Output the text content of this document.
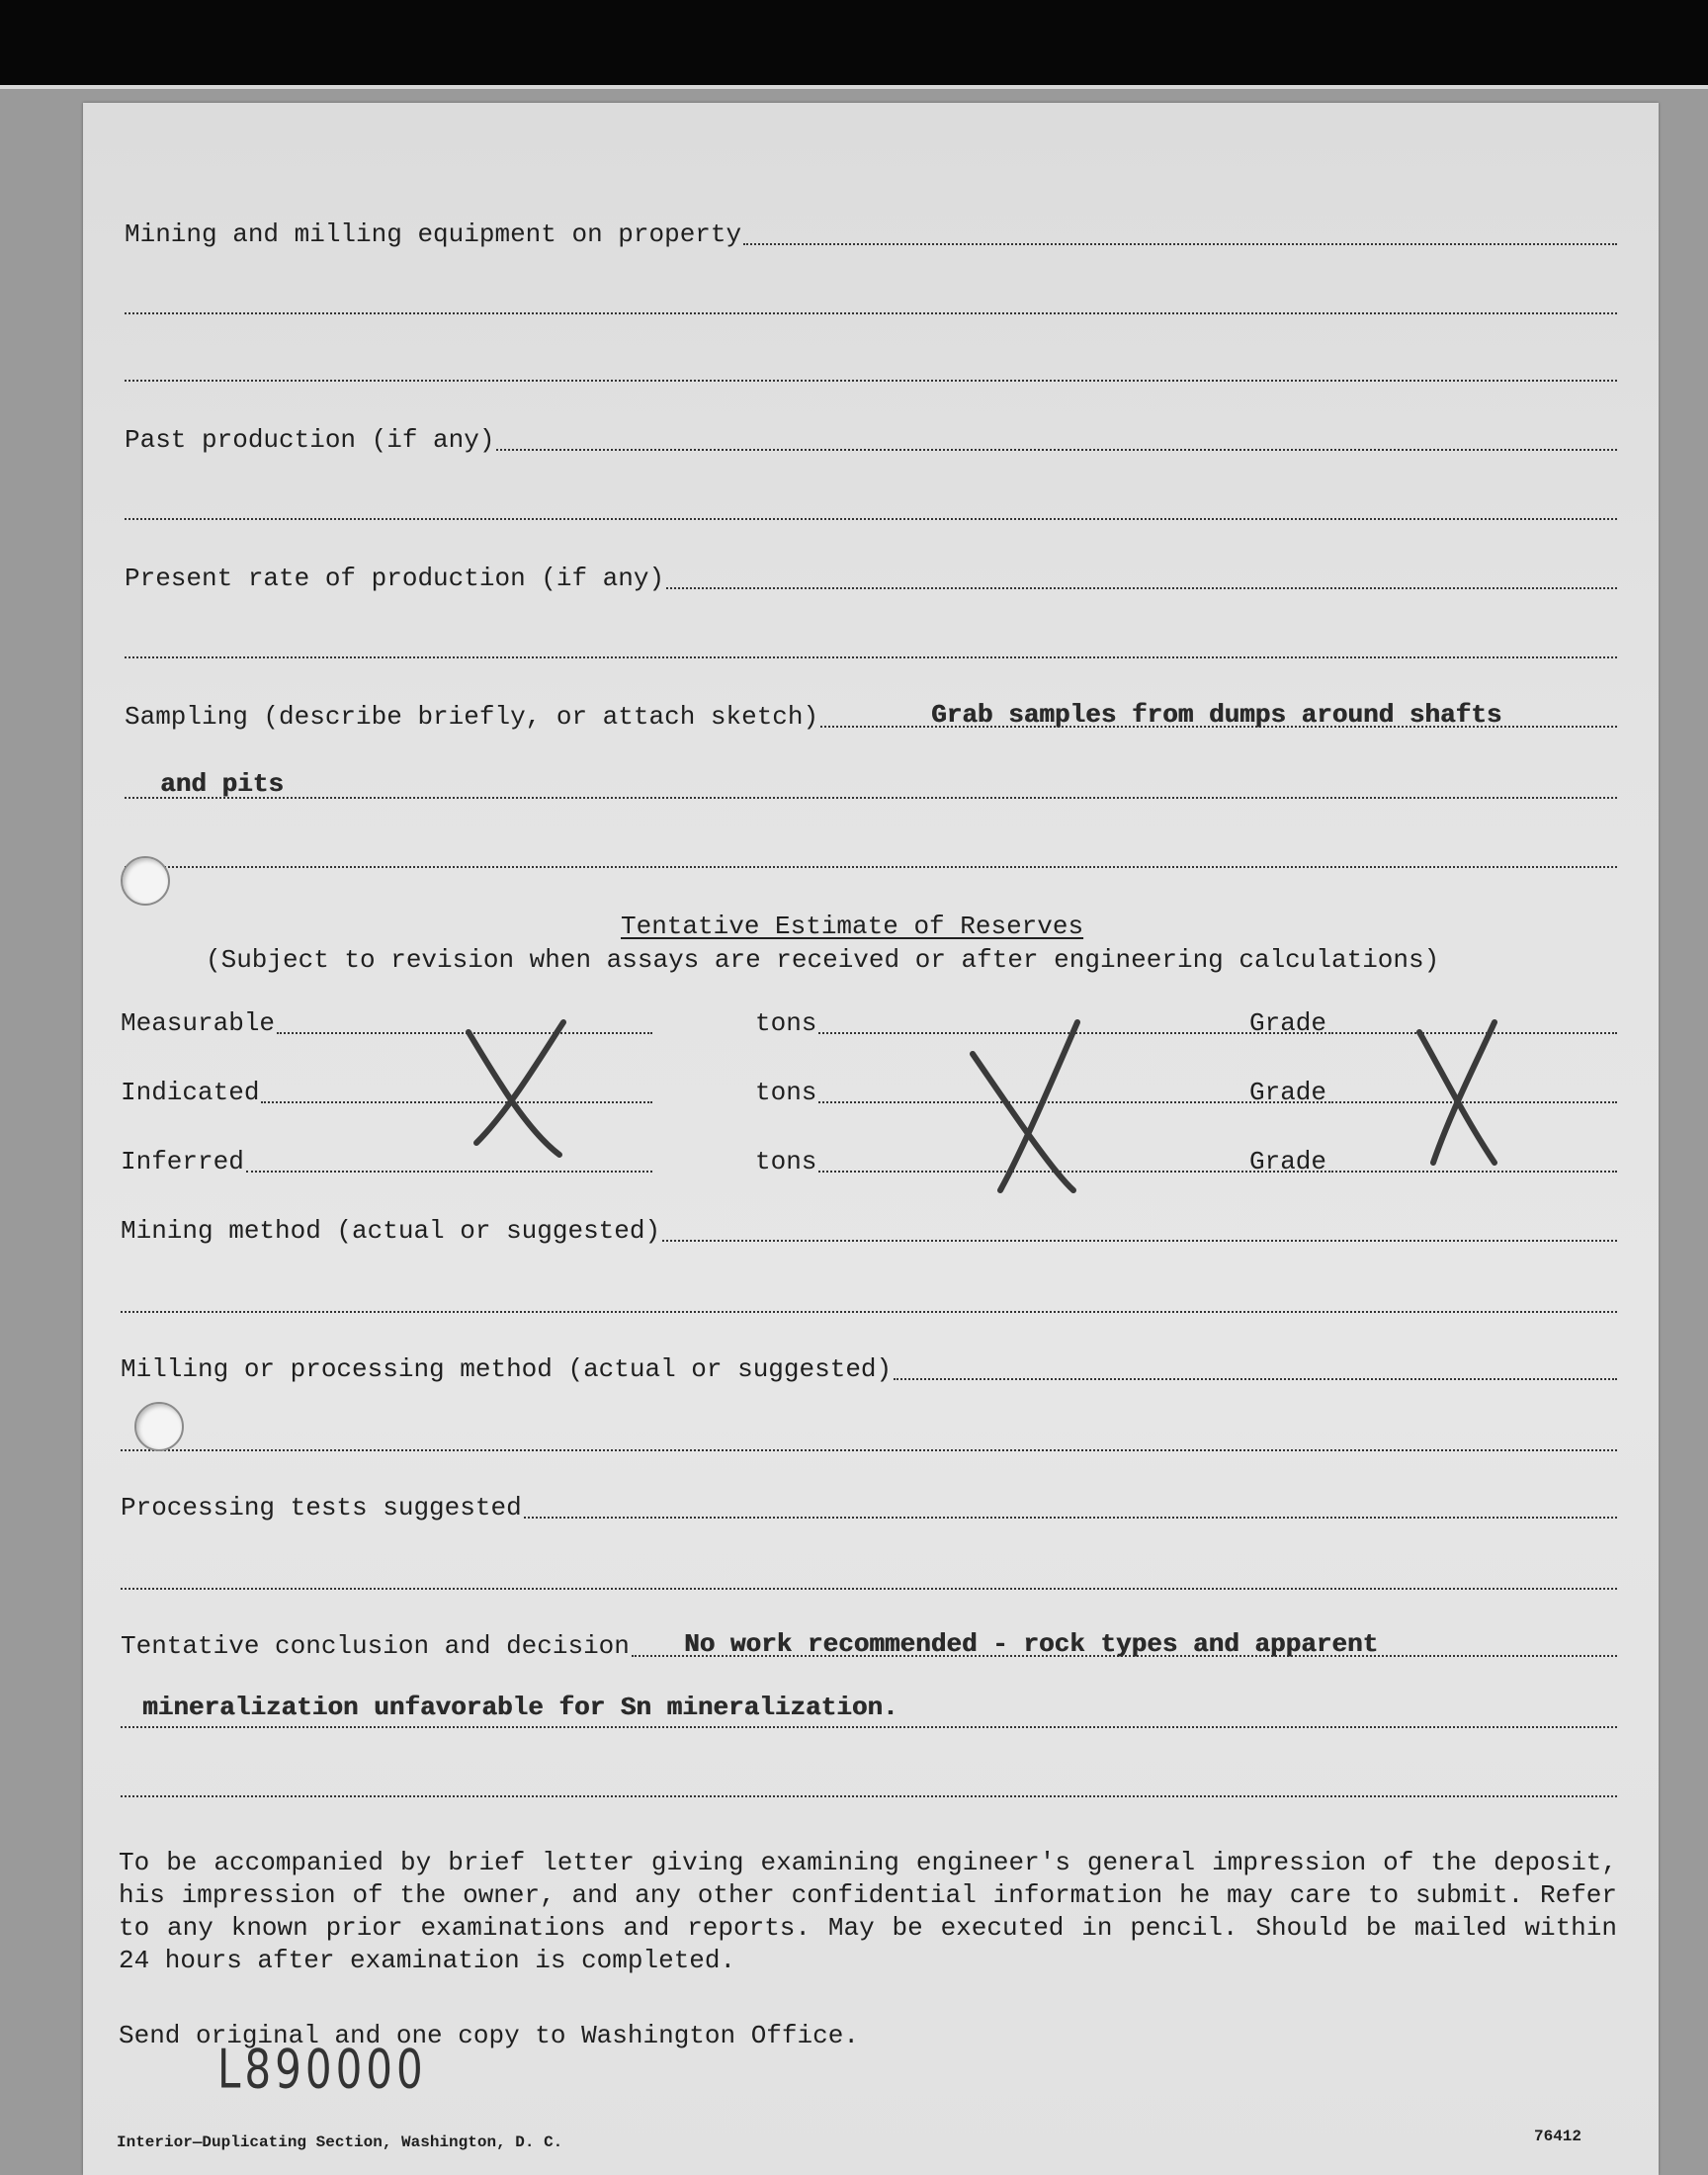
Mining and milling equipment on property
Past production (if any)
Present rate of production (if any)
Sampling (describe briefly, or attach sketch)	Grab samples from dumps around shafts
and pits
Tentative Estimate of Reserves
(Subject to revision when assays are received or after engineering calculations)
Measurable	tons	Grade
Indicated	tons	Grade
Inferred	tons	Grade
Mining method (actual or suggested)
Milling or processing method (actual or suggested)
Processing tests suggested
Tentative conclusion and decision No work recommended - rock types and apparent
mineralization unfavorable for Sn mineralization.
To be accompanied by brief letter giving examining engineer's general impression of the deposit, his impression of the owner, and any other confidential information he may care to submit. Refer to any known prior examinations and reports. May be executed in pencil. Should be mailed within 24 hours after examination is completed.
Send original and one copy to Washington Office.
L890000
Interior—Duplicating Section, Washington, D. C.	76412
